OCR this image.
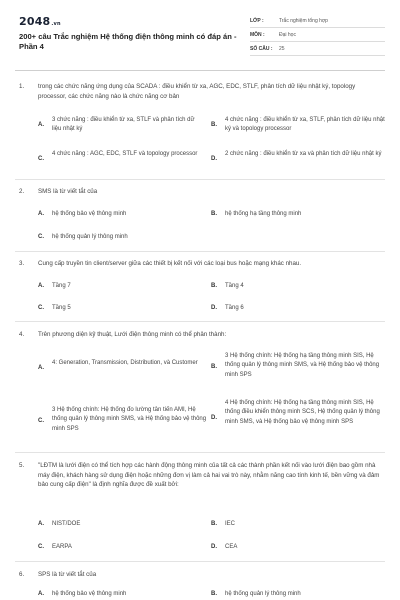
2048.vn
200+ câu Trắc nghiệm Hệ thống điện thông minh có đáp án - Phần 4
LỚP :	Trắc nghiệm tổng hợp
MÔN :	Đại học
SỐ CÂU :	25
1. trong các chức năng ứng dụng của SCADA : điều khiển từ xa, AGC, EDC, STLF, phân tích dữ liệu nhật ký, topology processor, các chức năng nào là chức năng cơ bản
A.
3 chức năng : điều khiển từ xa, STLF và phân tích dữ liệu nhật ký
B.
4 chức năng : điều khiển từ xa, STLF, phân tích dữ liệu nhật ký và topology processor
C.
4 chức năng : AGC, EDC, STLF và topology processor
D.
2 chức năng : điều khiển từ xa và phân tích dữ liệu nhật ký
2. SMS là từ viết tắt của
A. hệ thống bảo vệ thông minh	B. hệ thống hạ tầng thông minh
C. hệ thống quản lý thông minh
3. Cung cấp truyền tin client/server giữa các thiết bị kết nối với các loại bus hoặc mạng khác nhau.
A. Tầng 7	B. Tầng 4
C. Tầng 5	D. Tầng 6
4. Trên phương diện kỹ thuật, Lưới điện thông minh có thể phân thành:
A.
4: Generation, Transmission, Distribution, và Customer
B.
3 Hệ thống chính: Hệ thống hạ tầng thông minh SIS, Hệ thống quản lý thông minh SMS, và Hệ thống bảo vệ thông minh SPS
C.
3 Hệ thống chính: Hệ thống đo lường tân tiến AMI, Hệ thống quản lý thông minh SMS, và Hệ thống bảo vệ thông minh SPS
D.
4 Hệ thống chính: Hệ thống hạ tầng thông minh SIS, Hệ thống điều khiển thông minh SCS, Hệ thống quản lý thông minh SMS, và Hệ thống bảo vệ thông minh SPS
5. "LĐTM là lưới điện có thể tích hợp các hành động thông minh của tất cả các thành phần kết nối vào lưới điện bao gồm nhà máy điện, khách hàng sử dụng điện hoặc những đơn vị làm cả hai vai trò này, nhằm năng cao tính kinh tế, bền vững và đảm bảo cung cấp điện" là định nghĩa được đề xuất bởi:
A. NIST/DOE	B. IEC
C. EARPA	D. CEA
6. SPS là từ viết tắt của
A. hệ thống bảo vệ thông minh	B. hệ thống quản lý thông minh
